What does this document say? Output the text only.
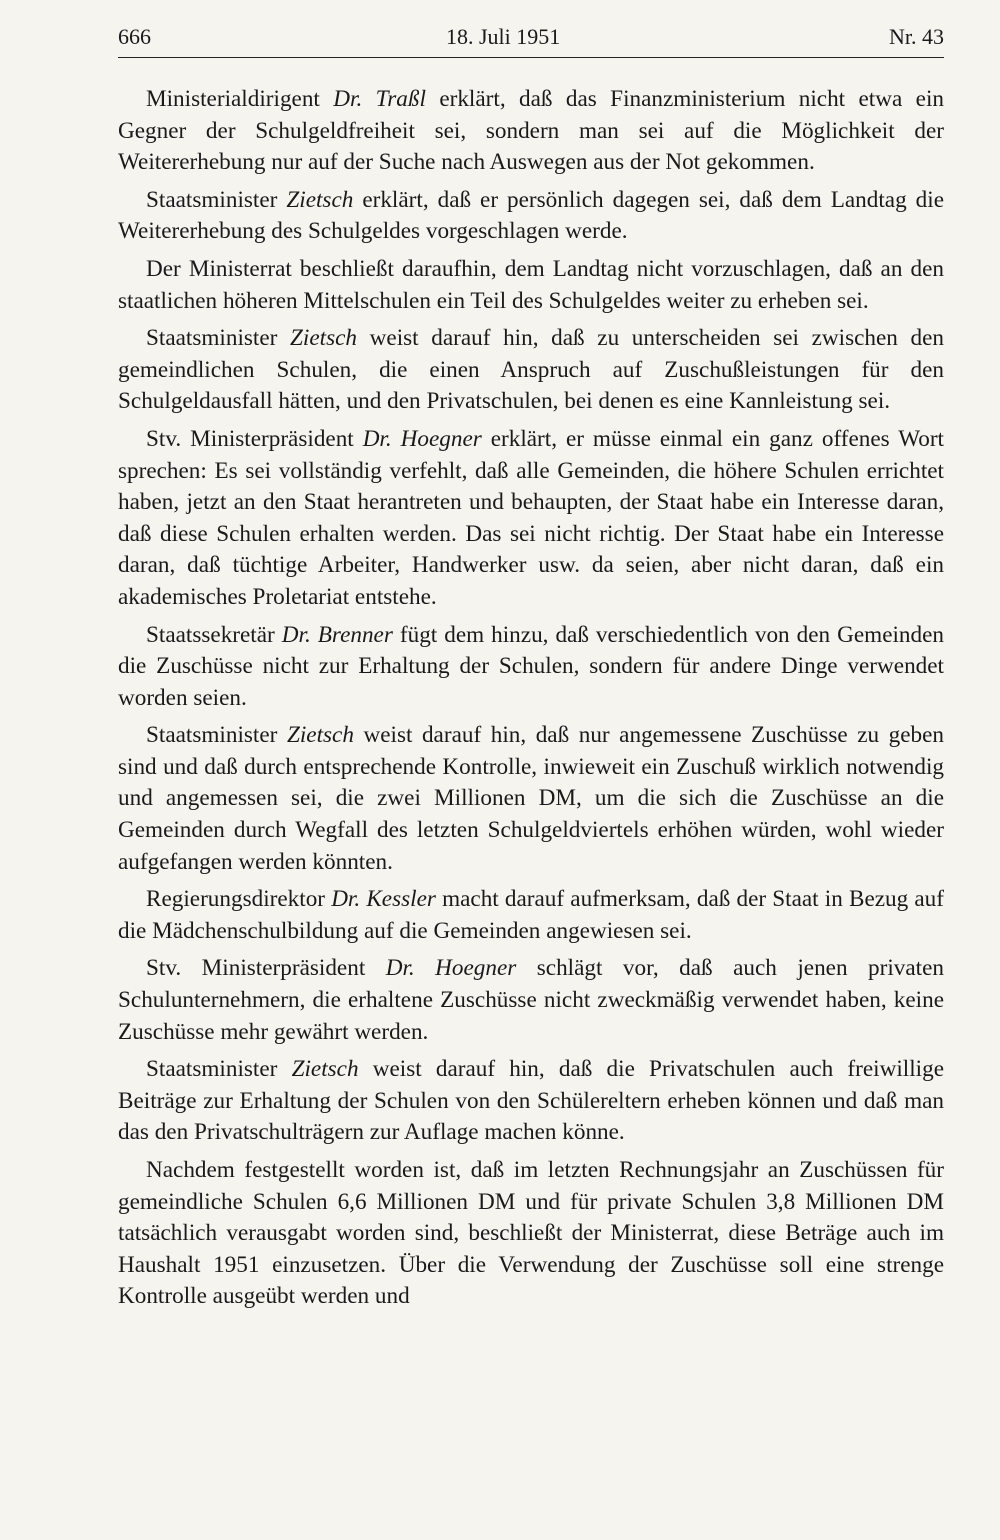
666	18. Juli 1951	Nr. 43

Ministerialdirigent Dr. Traßl erklärt, daß das Finanzministerium nicht etwa ein Gegner der Schulgeldfreiheit sei, sondern man sei auf die Möglichkeit der Weitererhebung nur auf der Suche nach Auswegen aus der Not gekommen.

Staatsminister Zietsch erklärt, daß er persönlich dagegen sei, daß dem Landtag die Weitererhebung des Schulgeldes vorgeschlagen werde.

Der Ministerrat beschließt daraufhin, dem Landtag nicht vorzuschlagen, daß an den staatlichen höheren Mittelschulen ein Teil des Schulgeldes weiter zu erheben sei.

Staatsminister Zietsch weist darauf hin, daß zu unterscheiden sei zwischen den gemeindlichen Schulen, die einen Anspruch auf Zuschußleistungen für den Schulgeldausfall hätten, und den Privatschulen, bei denen es eine Kannleistung sei.

Stv. Ministerpräsident Dr. Hoegner erklärt, er müsse einmal ein ganz offenes Wort sprechen: Es sei vollständig verfehlt, daß alle Gemeinden, die höhere Schulen errichtet haben, jetzt an den Staat herantreten und behaupten, der Staat habe ein Interesse daran, daß diese Schulen erhalten werden. Das sei nicht richtig. Der Staat habe ein Interesse daran, daß tüchtige Arbeiter, Handwerker usw. da seien, aber nicht daran, daß ein akademisches Proletariat entstehe.

Staatssekretär Dr. Brenner fügt dem hinzu, daß verschiedentlich von den Gemeinden die Zuschüsse nicht zur Erhaltung der Schulen, sondern für andere Dinge verwendet worden seien.

Staatsminister Zietsch weist darauf hin, daß nur angemessene Zuschüsse zu geben sind und daß durch entsprechende Kontrolle, inwieweit ein Zuschuß wirklich notwendig und angemessen sei, die zwei Millionen DM, um die sich die Zuschüsse an die Gemeinden durch Wegfall des letzten Schulgeldviertels erhöhen würden, wohl wieder aufgefangen werden könnten.

Regierungsdirektor Dr. Kessler macht darauf aufmerksam, daß der Staat in Bezug auf die Mädchenschulbildung auf die Gemeinden angewiesen sei.

Stv. Ministerpräsident Dr. Hoegner schlägt vor, daß auch jenen privaten Schulunternehmern, die erhaltene Zuschüsse nicht zweckmäßig verwendet haben, keine Zuschüsse mehr gewährt werden.

Staatsminister Zietsch weist darauf hin, daß die Privatschulen auch freiwillige Beiträge zur Erhaltung der Schulen von den Schülereltern erheben können und daß man das den Privatschulträgern zur Auflage machen könne.

Nachdem festgestellt worden ist, daß im letzten Rechnungsjahr an Zuschüssen für gemeindliche Schulen 6,6 Millionen DM und für private Schulen 3,8 Millionen DM tatsächlich verausgabt worden sind, beschließt der Ministerrat, diese Beträge auch im Haushalt 1951 einzusetzen. Über die Verwendung der Zuschüsse soll eine strenge Kontrolle ausgeübt werden und
